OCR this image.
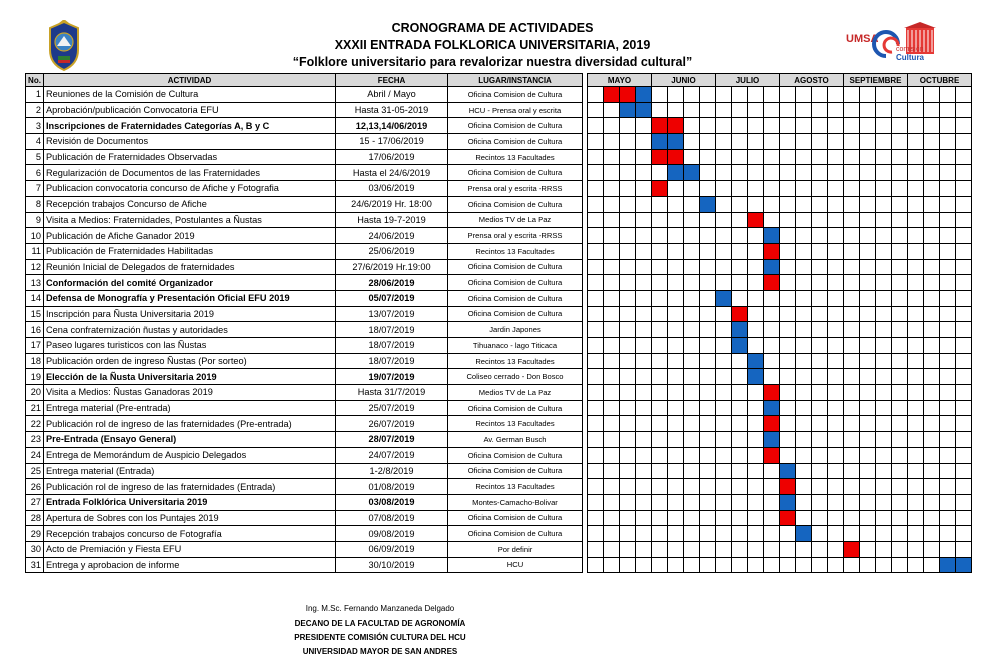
CRONOGRAMA DE ACTIVIDADES
XXXII ENTRADA FOLKLORICA UNIVERSITARIA, 2019
“Folklore universitario para revalorizar nuestra diversidad cultural”
UMSA
comisión
Cultura
No.	ACTIVIDAD	FECHA	LUGAR/INSTANCIA		MAYO				JUNIO				JULIO				AGOSTO				SEPTIEMBRE				OCTUBRE			
1	Reuniones de la Comisión de Cultura	Abril / Mayo	Oficina Comision de Cultura																									
2	Aprobación/publicación Convocatoria EFU	Hasta 31-05-2019	HCU - Prensa oral y escrita																									
3	Inscripciones de Fraternidades Categorías A, B y C	12,13,14/06/2019	Oficina Comision de Cultura																									
4	Revisión de Documentos	15 - 17/06/2019	Oficina Comision de Cultura																									
5	Publicación de Fraternidades Observadas	17/06/2019	Recintos 13 Facultades																									
6	Regularización de Documentos de las Fraternidades	Hasta el 24/6/2019	Oficina Comision de Cultura																									
7	Publicacion convocatoria concurso de Afiche y Fotografia	03/06/2019	Prensa oral y escrita -RRSS																									
8	Recepción trabajos Concurso de Afiche	24/6/2019 Hr. 18:00	Oficina Comision de Cultura																									
9	Visita a Medios: Fraternidades, Postulantes a Ñustas	Hasta 19-7-2019	Medios TV de La Paz																									
10	Publicación de Afiche Ganador 2019	24/06/2019	Prensa oral y escrita -RRSS																									
11	Publicación de Fraternidades Habilitadas	25/06/2019	Recintos 13 Facultades																									
12	Reunión Inicial de Delegados de fraternidades	27/6/2019 Hr.19:00	Oficina Comision de Cultura																									
13	Conformación del comité Organizador	28/06/2019	Oficina Comision de Cultura																									
14	Defensa de Monografía y Presentación Oficial EFU 2019	05/07/2019	Oficina Comision de Cultura																									
15	Inscripción para Ñusta Universitaria 2019	13/07/2019	Oficina Comision de Cultura																									
16	Cena confraternización ñustas y autoridades	18/07/2019	Jardin Japones																									
17	Paseo lugares turisticos con las Ñustas	18/07/2019	Tihuanaco - lago Titicaca																									
18	Publicación orden de ingreso Ñustas (Por sorteo)	18/07/2019	Recintos 13 Facultades																									
19	Elección de la Ñusta Universitaria 2019	19/07/2019	Coliseo cerrado - Don Bosco																									
20	Visita a Medios: Ñustas Ganadoras 2019	Hasta 31/7/2019	Medios TV de La Paz																									
21	Entrega material (Pre-entrada)	25/07/2019	Oficina Comision de Cultura																									
22	Publicación rol de ingreso de las fraternidades (Pre-entrada)	26/07/2019	Recintos 13 Facultades																									
23	Pre-Entrada (Ensayo General)	28/07/2019	Av. German Busch																									
24	Entrega de Memorándum de Auspicio Delegados	24/07/2019	Oficina Comision de Cultura																									
25	Entrega material (Entrada)	1-2/8/2019	Oficina Comision de Cultura																									
26	Publicación rol de ingreso de las fraternidades (Entrada)	01/08/2019	Recintos 13 Facultades																									
27	Entrada Folklórica Universitaria 2019	03/08/2019	Montes-Camacho-Bolivar																									
28	Apertura de Sobres con los Puntajes 2019	07/08/2019	Oficina Comision de Cultura																									
29	Recepción trabajos concurso de Fotografía	09/08/2019	Oficina Comision de Cultura																									
30	Acto de Premiación y Fiesta EFU	06/09/2019	Por definir																									
31	Entrega y aprobacion de informe	30/10/2019	HCU																									
Ing. M.Sc. Fernando Manzaneda Delgado
DECANO DE LA FACULTAD DE AGRONOMÍA
PRESIDENTE COMISIÓN CULTURA DEL HCU
UNIVERSIDAD MAYOR DE SAN ANDRES
